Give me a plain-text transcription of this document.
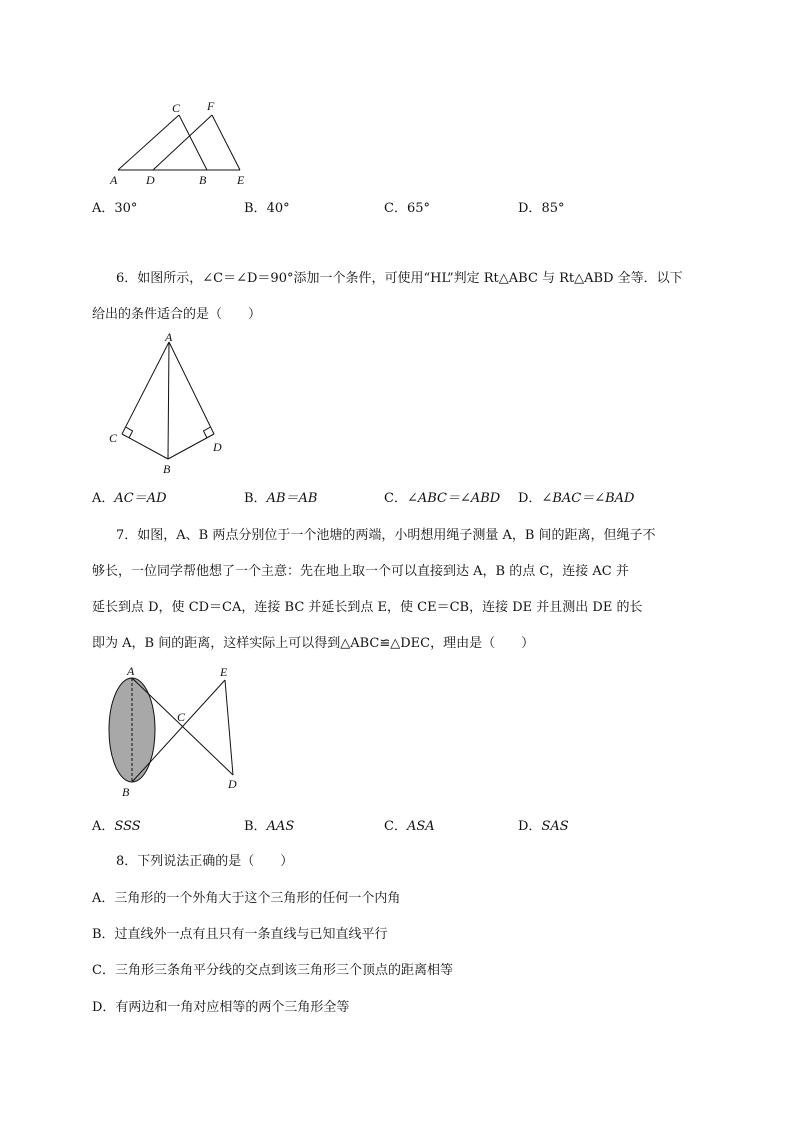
C F
A D	B	E
A．30°	B．40°	C．65°	D．85°
6．如图所示，∠C＝∠D＝90°添加一个条件，可使用“HL”判定 Rt△ABC 与 Rt△ABD 全等．以下
给出的条件适合的是（　　）
A
C
D
B
A．AC＝AD	B．AB＝AB	C．∠ABC＝∠ABD D．∠BAC＝∠BAD
7．如图，A、B 两点分别位于一个池塘的两端，小明想用绳子测量 A，B 间的距离，但绳子不
够长，一位同学帮他想了一个主意：先在地上取一个可以直接到达 A，B 的点 C，连接 AC 并
延长到点 D，使 CD＝CA，连接 BC 并延长到点 E，使 CE＝CB，连接 DE 并且测出 DE 的长
即为 A，B 间的距离，这样实际上可以得到△ABC≌△DEC，理由是（　　）
A	E
C
B
D
A．SSS	B．AAS	C．ASA	D．SAS
8．下列说法正确的是（　　）
A．三角形的一个外角大于这个三角形的任何一个内角
B．过直线外一点有且只有一条直线与已知直线平行
C．三角形三条角平分线的交点到该三角形三个顶点的距离相等
D．有两边和一角对应相等的两个三角形全等
